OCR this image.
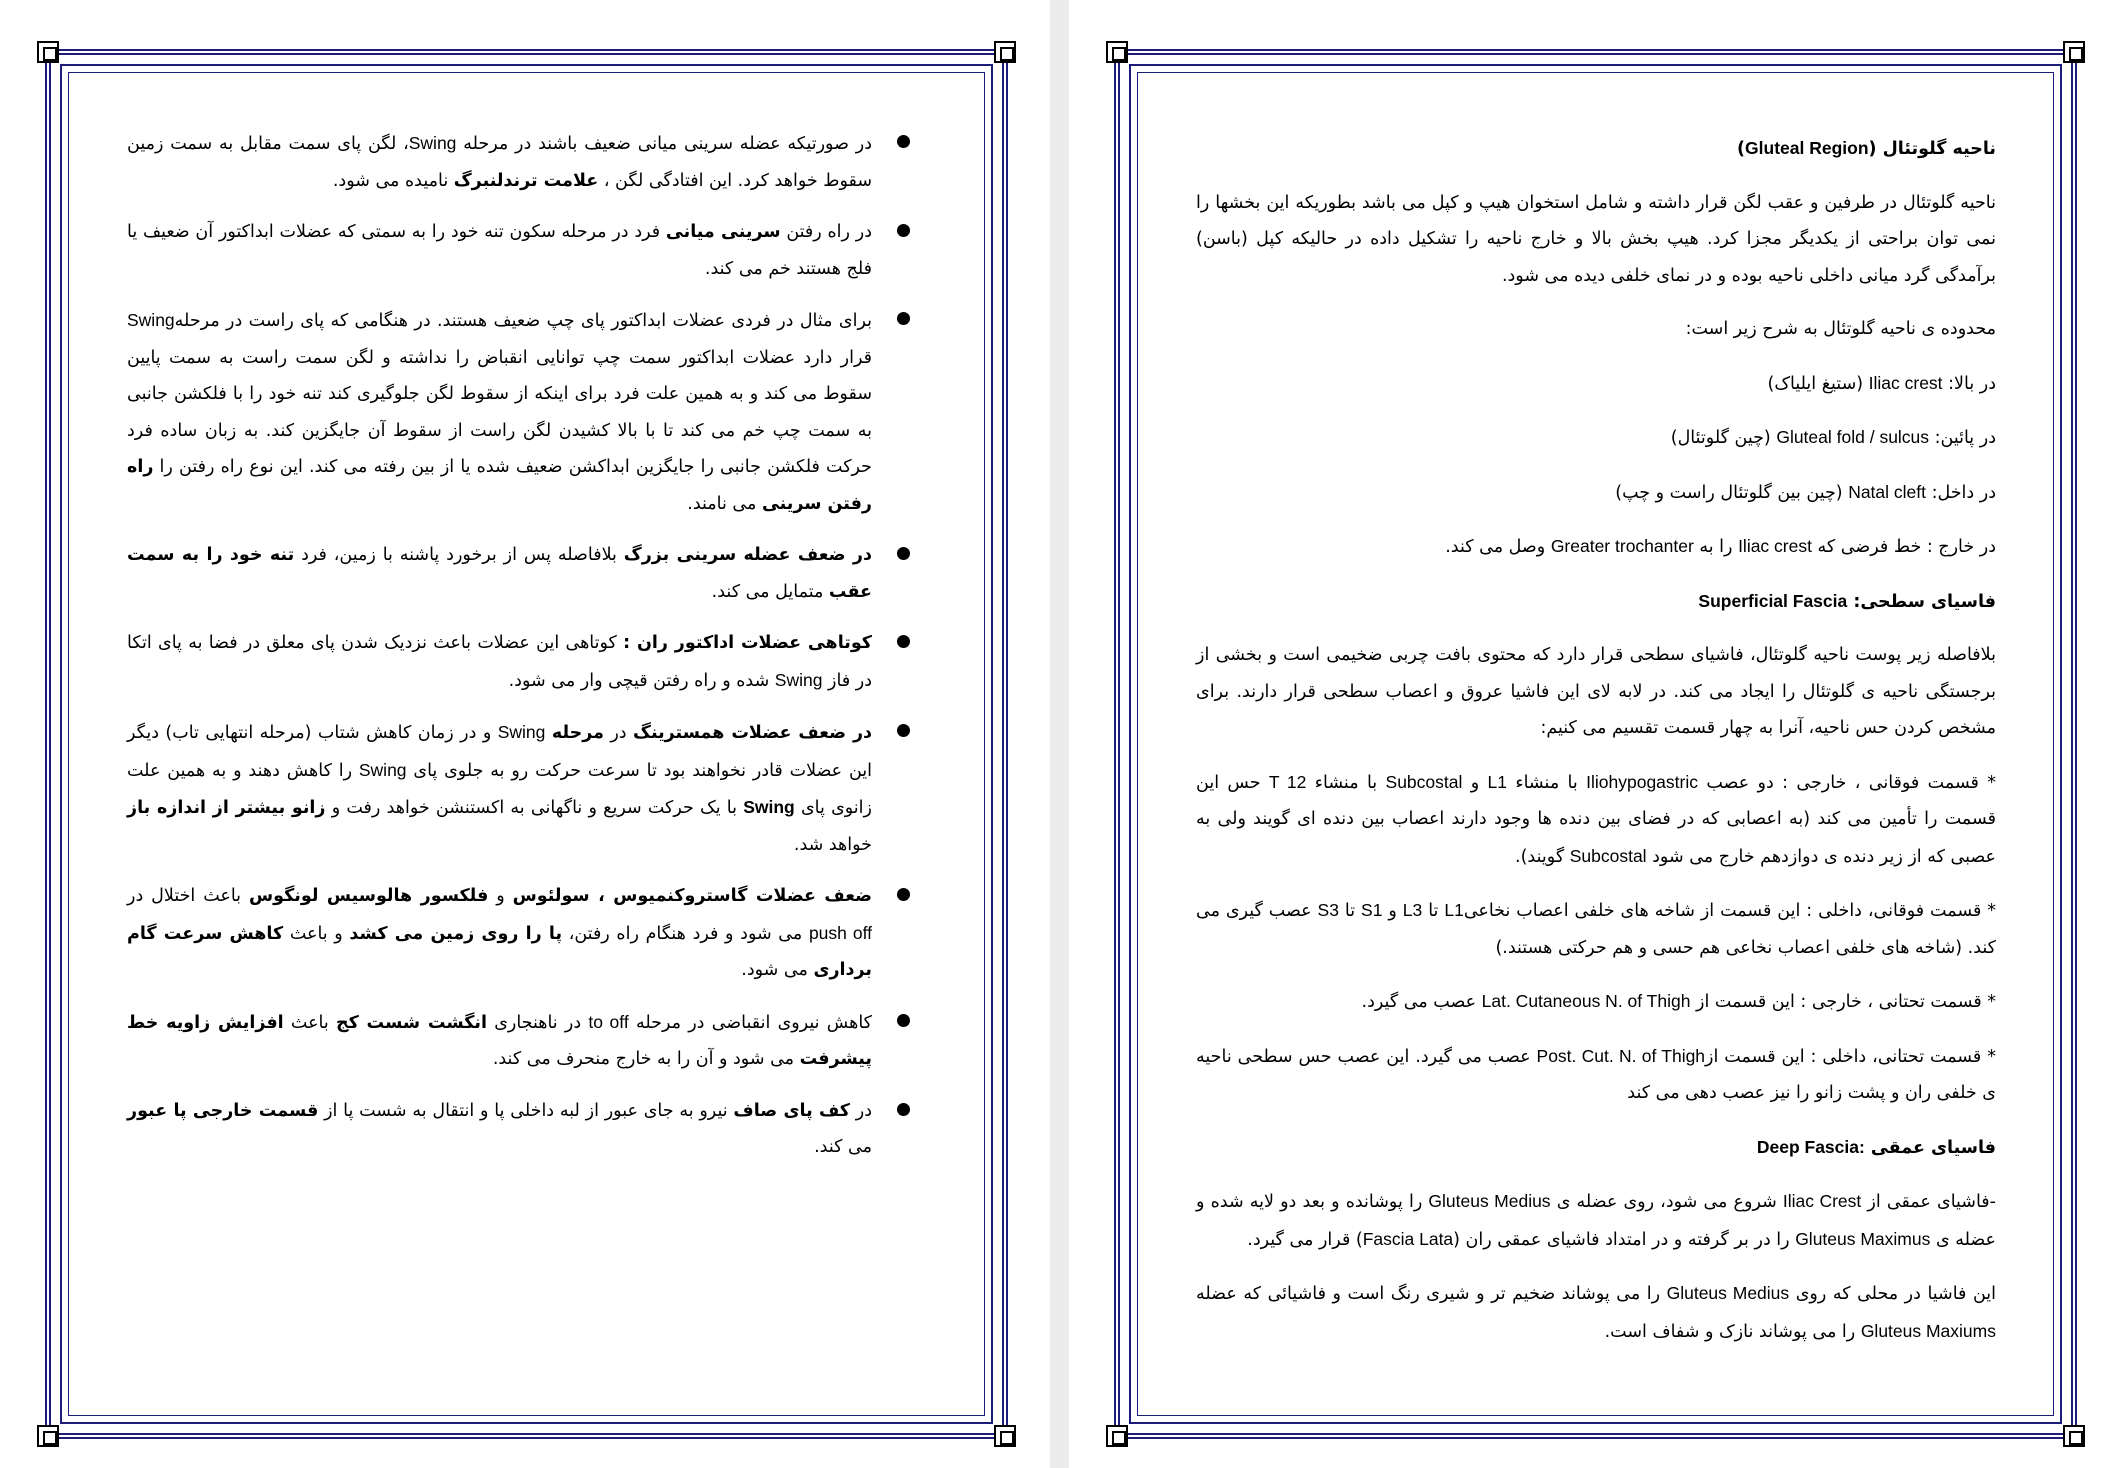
در صورتیکه عضله سرینی میانی ضعیف باشند در مرحله Swing، لگن پای سمت مقابل به سمت زمین سقوط خواهد کرد. این افتادگی لگن ، علامت ترندلنبرگ نامیده می شود.
در راه رفتن سرینی میانی فرد در مرحله سکون تنه خود را به سمتی که عضلات ابداکتور آن ضعیف یا فلج هستند خم می کند.
برای مثال در فردی عضلات ابداکتور پای چپ ضعیف هستند. در هنگامی که پای راست در مرحلهSwing قرار دارد عضلات ابداکتور سمت چپ توانایی انقباض را نداشته و لگن سمت راست به سمت پایین سقوط می کند و به همین علت فرد برای اینکه از سقوط لگن جلوگیری کند تنه خود را با فلکشن جانبی به سمت چپ خم می کند تا با بالا کشیدن لگن راست از سقوط آن جایگزین کند. به زبان ساده فرد حرکت فلکشن جانبی را جایگزین ابداکشن ضعیف شده یا از بین رفته می کند. این نوع راه رفتن را راه رفتن سرینی می نامند.
در ضعف عضله سرینی بزرگ بلافاصله پس از برخورد پاشنه با زمین، فرد تنه خود را به سمت عقب متمایل می کند.
کوتاهی عضلات اداکتور ران : کوتاهی این عضلات باعث نزدیک شدن پای معلق در فضا به پای اتکا در فاز Swing شده و راه رفتن قیچی وار می شود.
در ضعف عضلات همسترینگ در مرحله Swing و در زمان کاهش شتاب (مرحله انتهایی تاب) دیگر این عضلات قادر نخواهند بود تا سرعت حرکت رو به جلوی پای Swing را کاهش دهند و به همین علت زانوی پای Swing با یک حرکت سریع و ناگهانی به اکستنشن خواهد رفت و زانو بیشتر از اندازه باز خواهد شد.
ضعف عضلات گاستروکنمیوس ، سولئوس و فلکسور هالوسیس لونگوس باعث اختلال در push off می شود و فرد هنگام راه رفتن، پا را روی زمین می کشد و باعث کاهش سرعت گام برداری می شود.
کاهش نیروی انقباضی در مرحله to off در ناهنجاری انگشت شست کج باعث افزایش زاویه خط پیشرفت می شود و آن را به خارج منحرف می کند.
در کف پای صاف نیرو به جای عبور از لبه داخلی پا و انتقال به شست پا از قسمت خارجی پا عبور می کند.

ناحیه گلوتئال (Gluteal Region)

ناحیه گلوتئال در طرفین و عقب لگن قرار داشته و شامل استخوان هیپ و کپل می باشد بطوریکه این بخشها را نمی توان براحتی از یکدیگر مجزا کرد. هیپ بخش بالا و خارج ناحیه را تشکیل داده در حالیکه کپل (باسن) برآمدگی گرد میانی داخلی ناحیه بوده و در نمای خلفی دیده می شود.

محدوده ی ناحیه گلوتئال به شرح زیر است:

در بالا: Iliac crest (ستیغ ایلیاک)

در پائین: Gluteal fold / sulcus (چین گلوتئال)

در داخل: Natal cleft (چین بین گلوتئال راست و چپ)

در خارج : خط فرضی که Iliac crest را به Greater trochanter وصل می کند.

فاسیای سطحی: Superficial Fascia

بلافاصله زیر پوست ناحیه گلوتئال، فاشیای سطحی قرار دارد که محتوی بافت چربی ضخیمی است و بخشی از برجستگی ناحیه ی گلوتئال را ایجاد می کند. در لابه لای این فاشیا عروق و اعصاب سطحی قرار دارند. برای مشخص کردن حس ناحیه، آنرا به چهار قسمت تقسیم می کنیم:

* قسمت فوقانی ، خارجی : دو عصب Iliohypogastric با منشاء L1 و Subcostal با منشاء T 12 حس این قسمت را تأمین می کند (به اعصابی که در فضای بین دنده ها وجود دارند اعصاب بین دنده ای گویند ولی به عصبی که از زیر دنده ی دوازدهم خارج می شود Subcostal گویند).

* قسمت فوقانی، داخلی : این قسمت از شاخه های خلفی اعصاب نخاعیL1 تا L3 و S1 تا S3 عصب گیری می کند. (شاخه های خلفی اعصاب نخاعی هم حسی و هم حرکتی هستند.)

* قسمت تحتانی ، خارجی : این قسمت از Lat. Cutaneous N. of Thigh عصب می گیرد.

* قسمت تحتانی، داخلی : این قسمت ازPost. Cut. N. of Thigh عصب می گیرد. این عصب حس سطحی ناحیه ی خلفی ران و پشت زانو را نیز عصب دهی می کند

فاسیای عمقی Deep Fascia:

-فاشیای عمقی از Iliac Crest شروع می شود، روی عضله ی Gluteus Medius را پوشانده و بعد دو لایه شده و عضله ی Gluteus Maximus را در بر گرفته و در امتداد فاشیای عمقی ران (Fascia Lata) قرار می گیرد.

این فاشیا در محلی که روی Gluteus Medius را می پوشاند ضخیم تر و شیری رنگ است و فاشیائی که عضله Gluteus Maxiums را می پوشاند نازک و شفاف است.
